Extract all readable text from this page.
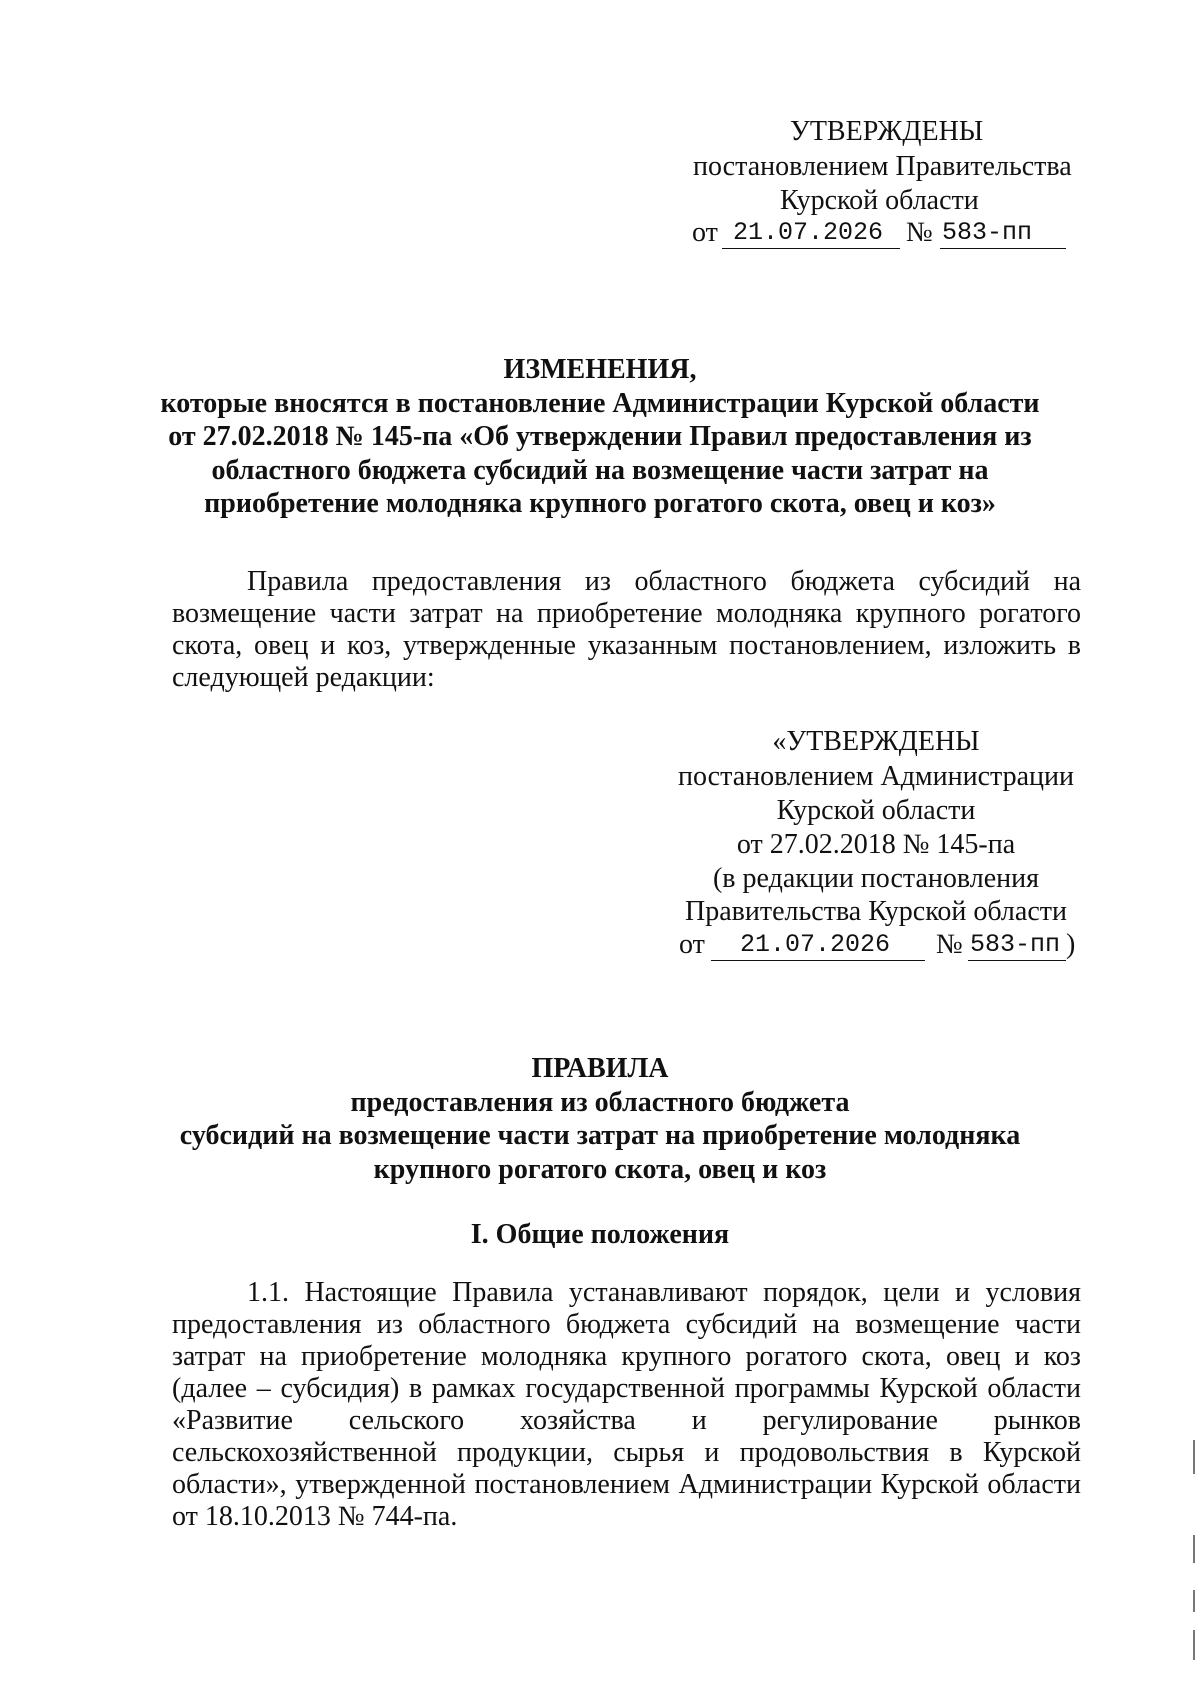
УТВЕРЖДЕНЫ
постановлением Правительства
Курской области
от 21.07.2026 № 583-пп
ИЗМЕНЕНИЯ,
которые вносятся в постановление Администрации Курской области
от 27.02.2018 № 145-па «Об утверждении Правил предоставления из
областного бюджета субсидий на возмещение части затрат на
приобретение молодняка крупного рогатого скота, овец и коз»
Правила предоставления из областного бюджета субсидий на
возмещение части затрат на приобретение молодняка крупного рогатого
скота, овец и коз, утвержденные указанным постановлением, изложить в
следующей редакции:
«УТВЕРЖДЕНЫ
постановлением Администрации
Курской области
от 27.02.2018 № 145-па
(в редакции постановления
Правительства Курской области
от 21.07.2026 № 583-пп )
ПРАВИЛА
предоставления из областного бюджета
субсидий на возмещение части затрат на приобретение молодняка
крупного рогатого скота, овец и коз
I. Общие положения
1.1. Настоящие Правила устанавливают порядок, цели и условия
предоставления из областного бюджета субсидий на возмещение части
затрат на приобретение молодняка крупного рогатого скота, овец и коз
(далее – субсидия) в рамках государственной программы Курской области
«Развитие сельского хозяйства и регулирование рынков
сельскохозяйственной продукции, сырья и продовольствия в Курской
области», утвержденной постановлением Администрации Курской области
от 18.10.2013 № 744-па.
